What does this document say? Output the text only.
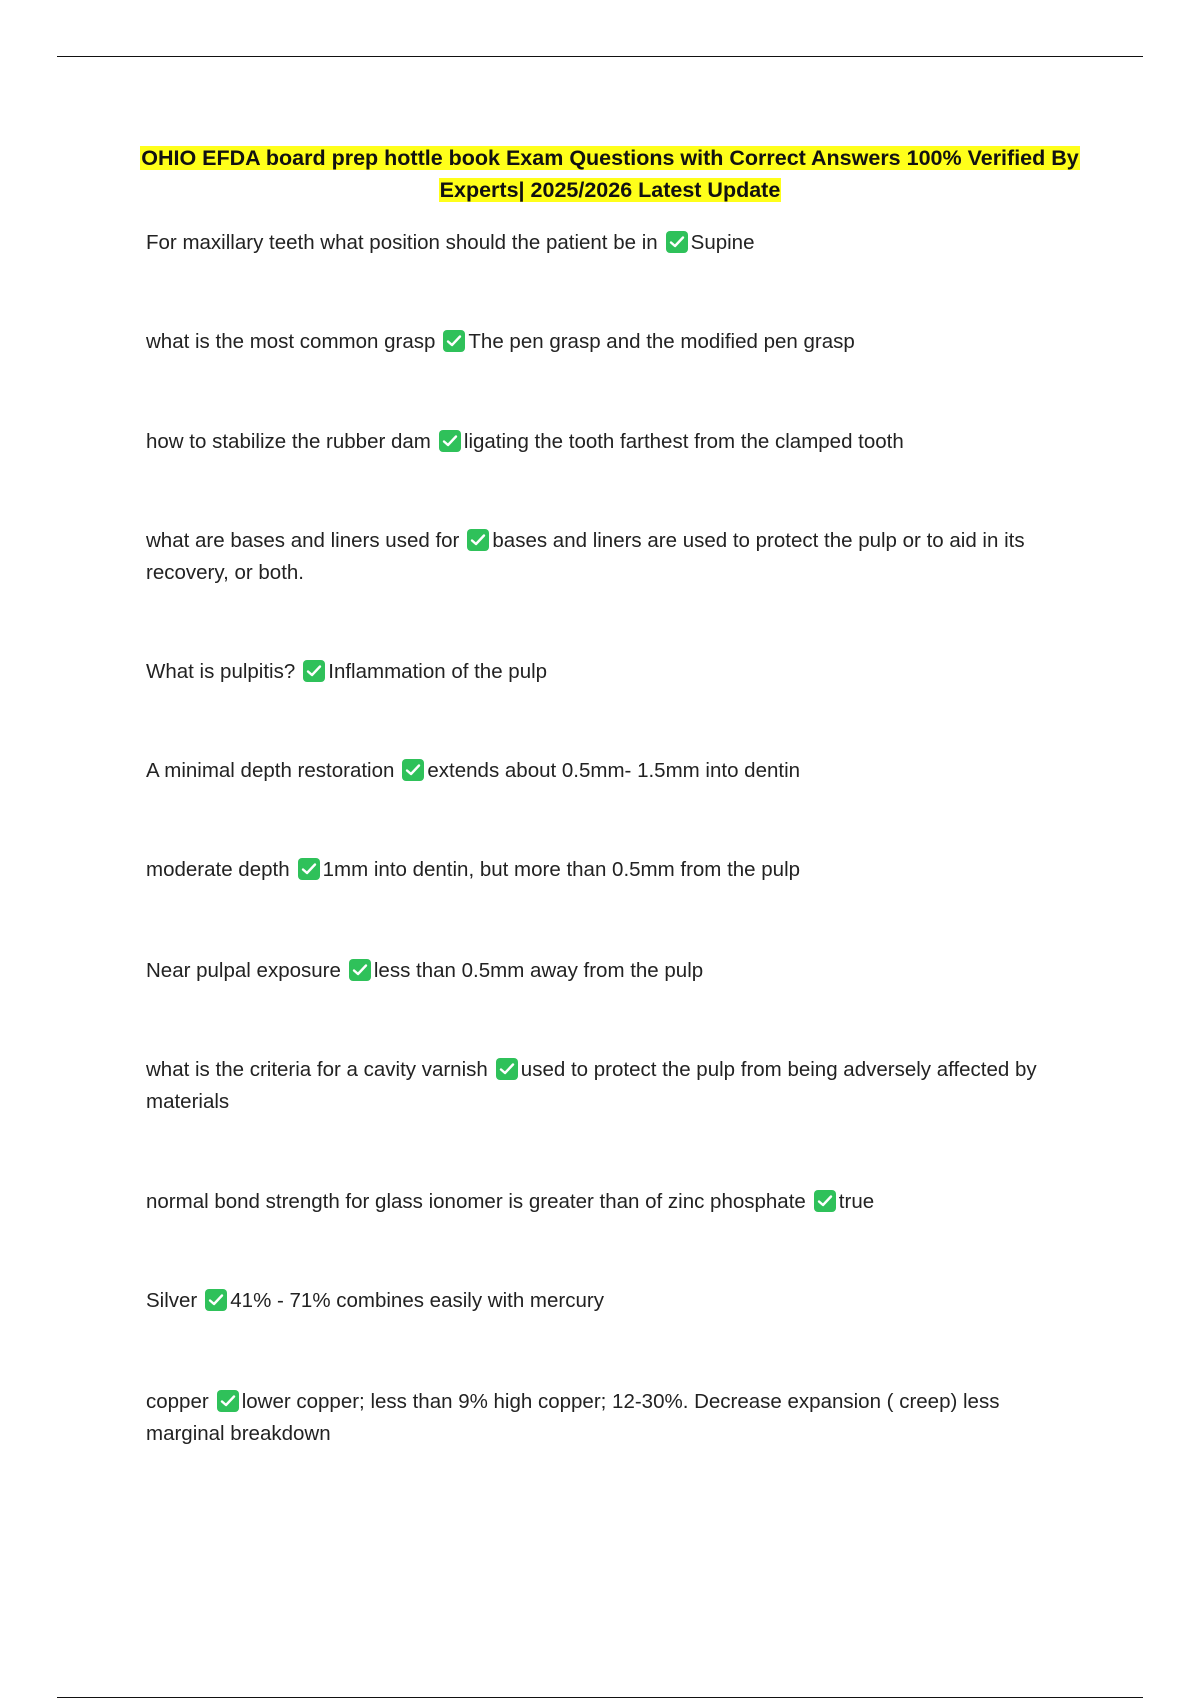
OHIO EFDA board prep hottle book Exam Questions with Correct Answers 100% Verified By Experts| 2025/2026 Latest Update
For maxillary teeth what position should the patient be in Supine
what is the most common grasp The pen grasp and the modified pen grasp
how to stabilize the rubber dam ligating the tooth farthest from the clamped tooth
what are bases and liners used for bases and liners are used to protect the pulp or to aid in its recovery, or both.
What is pulpitis? Inflammation of the pulp
A minimal depth restoration extends about 0.5mm- 1.5mm into dentin
moderate depth 1mm into dentin, but more than 0.5mm from the pulp
Near pulpal exposure less than 0.5mm away from the pulp
what is the criteria for a cavity varnish used to protect the pulp from being adversely affected by materials
normal bond strength for glass ionomer is greater than of zinc phosphate true
Silver 41% - 71% combines easily with mercury
copper lower copper; less than 9% high copper; 12-30%. Decrease expansion ( creep) less marginal breakdown
